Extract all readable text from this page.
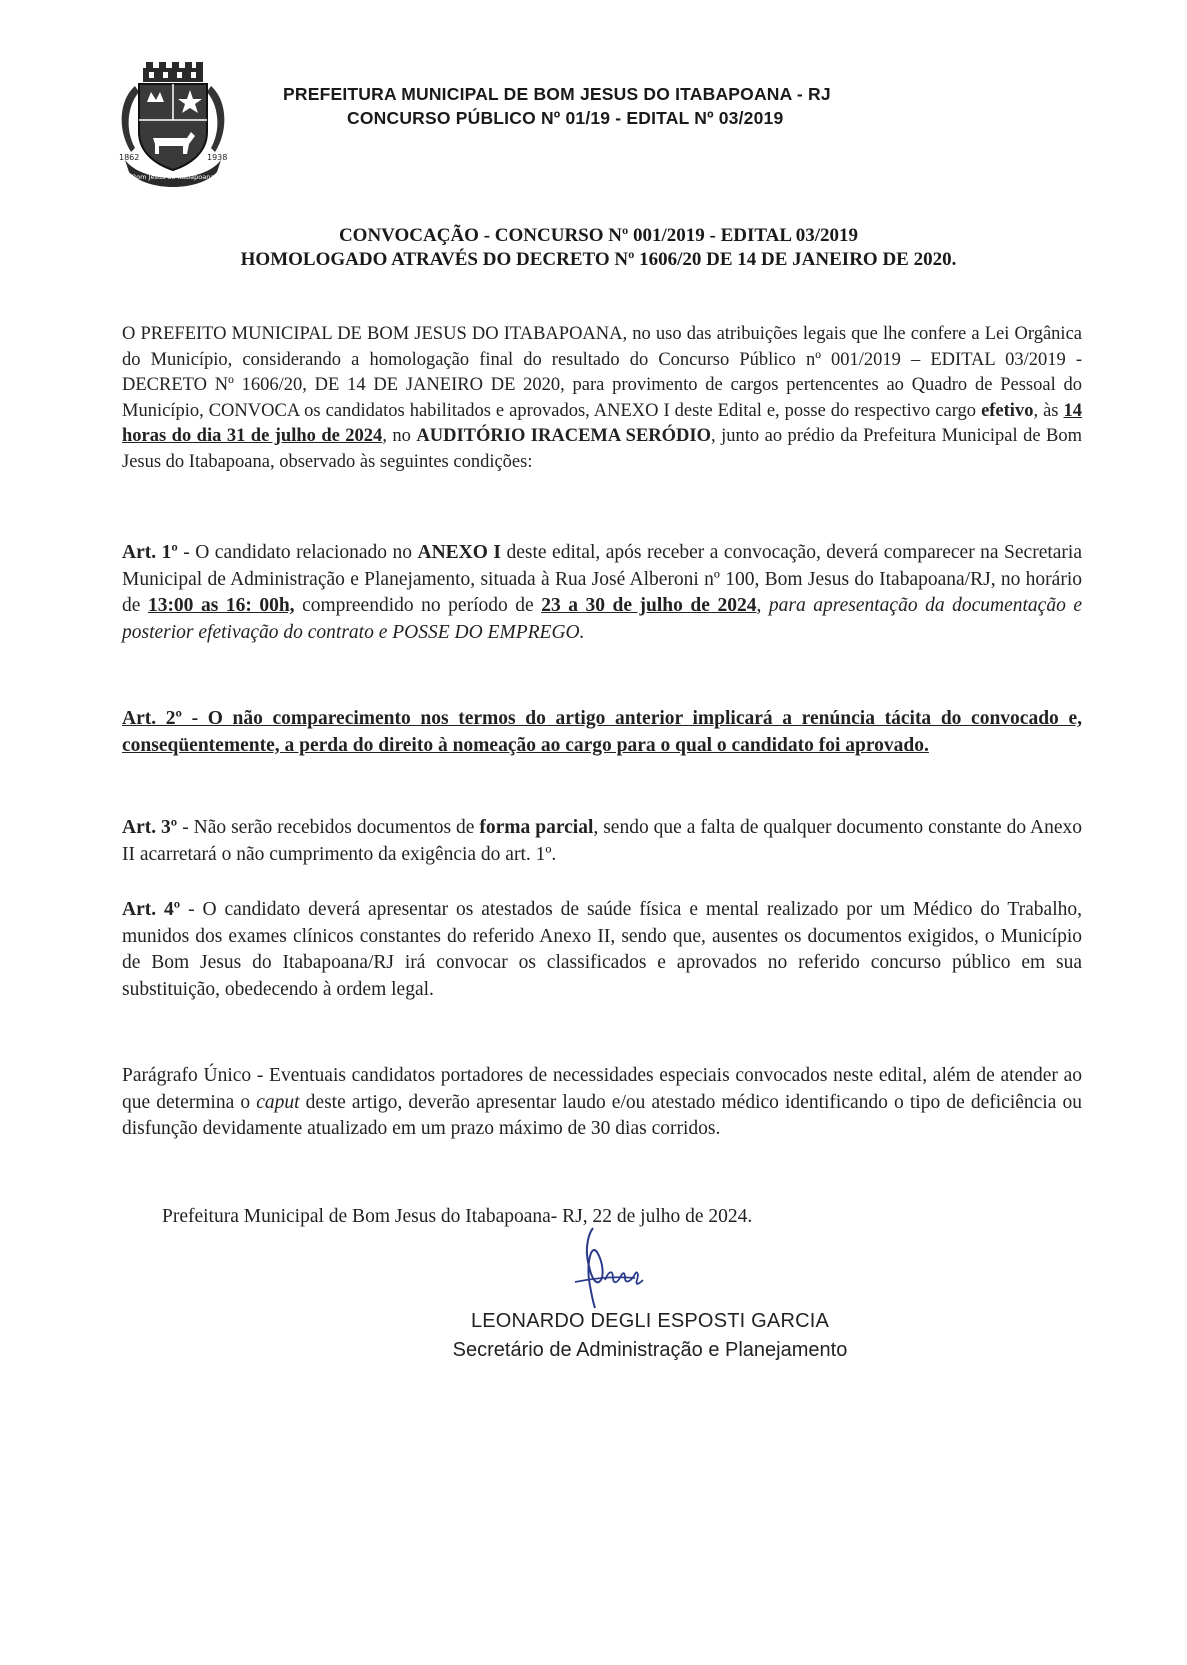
1862	1938
Bom Jesus do Itabapoana
PREFEITURA MUNICIPAL DE BOM JESUS DO ITABAPOANA - RJ
CONCURSO PÚBLICO Nº 01/19 - EDITAL Nº 03/2019
CONVOCAÇÃO - CONCURSO Nº 001/2019 - EDITAL 03/2019
HOMOLOGADO ATRAVÉS DO DECRETO Nº 1606/20 DE 14 DE JANEIRO DE 2020.
O PREFEITO MUNICIPAL DE BOM JESUS DO ITABAPOANA, no uso das atribuições legais que lhe confere a Lei Orgânica do Município, considerando a homologação final do resultado do Concurso Público nº 001/2019 – EDITAL 03/2019 - DECRETO Nº 1606/20, DE 14 DE JANEIRO DE 2020, para provimento de cargos pertencentes ao Quadro de Pessoal do Município, CONVOCA os candidatos habilitados e aprovados, ANEXO I deste Edital e, posse do respectivo cargo efetivo, às 14 horas do dia 31 de julho de 2024, no AUDITÓRIO IRACEMA SERÓDIO, junto ao prédio da Prefeitura Municipal de Bom Jesus do Itabapoana, observado às seguintes condições:
Art. 1º - O candidato relacionado no ANEXO I deste edital, após receber a convocação, deverá comparecer na Secretaria Municipal de Administração e Planejamento, situada à Rua José Alberoni nº 100, Bom Jesus do Itabapoana/RJ, no horário de 13:00 as 16: 00h, compreendido no período de 23 a 30 de julho de 2024, para apresentação da documentação e posterior efetivação do contrato e POSSE DO EMPREGO.
Art. 2º - O não comparecimento nos termos do artigo anterior implicará a renúncia tácita do convocado e, conseqüentemente, a perda do direito à nomeação ao cargo para o qual o candidato foi aprovado.
Art. 3º - Não serão recebidos documentos de forma parcial, sendo que a falta de qualquer documento constante do Anexo II acarretará o não cumprimento da exigência do art. 1º.
Art. 4º - O candidato deverá apresentar os atestados de saúde física e mental realizado por um Médico do Trabalho, munidos dos exames clínicos constantes do referido Anexo II, sendo que, ausentes os documentos exigidos, o Município de Bom Jesus do Itabapoana/RJ irá convocar os classificados e aprovados no referido concurso público em sua substituição, obedecendo à ordem legal.
Parágrafo Único - Eventuais candidatos portadores de necessidades especiais convocados neste edital, além de atender ao que determina o caput deste artigo, deverão apresentar laudo e/ou atestado médico identificando o tipo de deficiência ou disfunção devidamente atualizado em um prazo máximo de 30 dias corridos.
Prefeitura Municipal de Bom Jesus do Itabapoana- RJ, 22 de julho de 2024.
LEONARDO DEGLI ESPOSTI GARCIA
Secretário de Administração e Planejamento
